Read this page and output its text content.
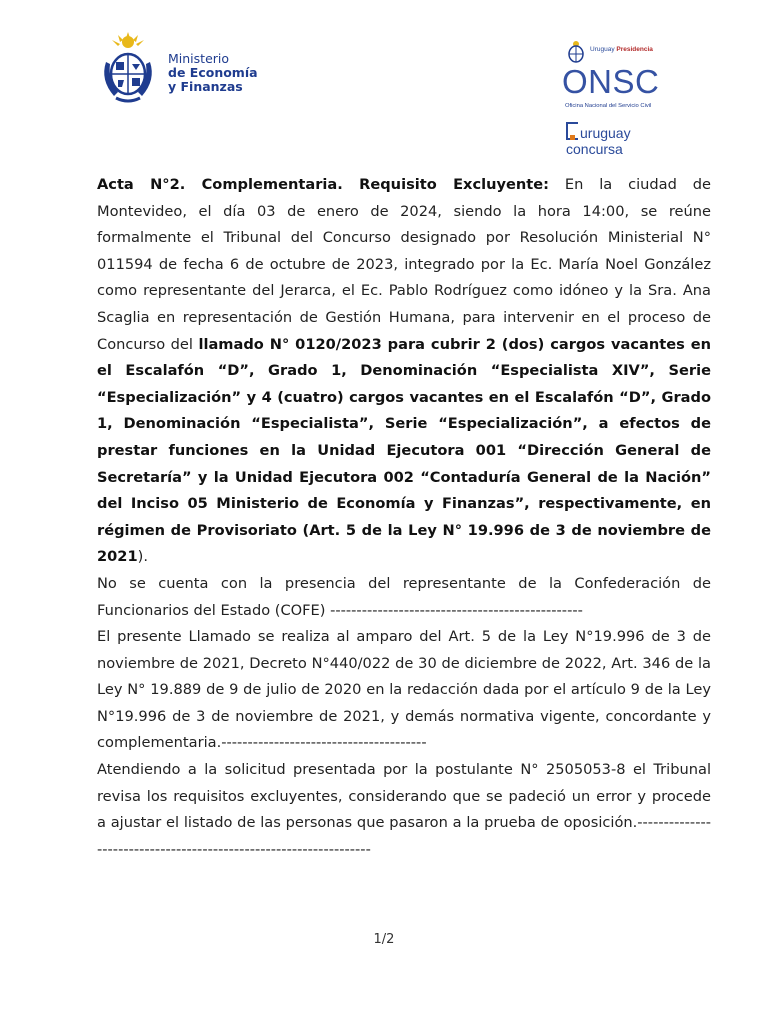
Ministerio
de Economía
y Finanzas
Uruguay Presidencia
ONSC
Oficina Nacional del Servicio Civil
uruguay concursa

Acta N°2. Complementaria. Requisito Excluyente: En la ciudad de Montevideo, el día 03 de enero de 2024, siendo la hora 14:00, se reúne formalmente el Tribunal del Concurso designado por Resolución Ministerial N° 011594 de fecha 6 de octubre de 2023, integrado por la Ec. María Noel González como representante del Jerarca, el Ec. Pablo Rodríguez como idóneo y la Sra. Ana Scaglia en representación de Gestión Humana, para intervenir en el proceso de Concurso del llamado N° 0120/2023 para cubrir 2 (dos) cargos vacantes en el Escalafón “D”, Grado 1, Denominación “Especialista XIV”, Serie “Especialización” y 4 (cuatro) cargos vacantes en el Escalafón “D”, Grado 1, Denominación “Especialista”, Serie “Especialización”, a efectos de prestar funciones en la Unidad Ejecutora 001 “Dirección General de Secretaría” y la Unidad Ejecutora 002 “Contaduría General de la Nación” del Inciso 05 Ministerio de Economía y Finanzas”, respectivamente, en régimen de Provisoriato (Art. 5 de la Ley N° 19.996 de 3 de noviembre de 2021).

No se cuenta con la presencia del representante de la Confederación de Funcionarios del Estado (COFE) ------------------------------------------------

El presente Llamado se realiza al amparo del Art. 5 de la Ley N°19.996 de 3 de noviembre de 2021, Decreto N°440/022 de 30 de diciembre de 2022, Art. 346 de la Ley N° 19.889 de 9 de julio de 2020 en la redacción dada por el artículo 9 de la Ley N°19.996 de 3 de noviembre de 2021, y demás normativa vigente, concordante y complementaria.---------------------------------------

Atendiendo a la solicitud presentada por la postulante N° 2505053-8 el Tribunal revisa los requisitos excluyentes, considerando que se padeció un error y procede a ajustar el listado de las personas que pasaron a la prueba de oposición.------------------------------------------------------------------

1/2
